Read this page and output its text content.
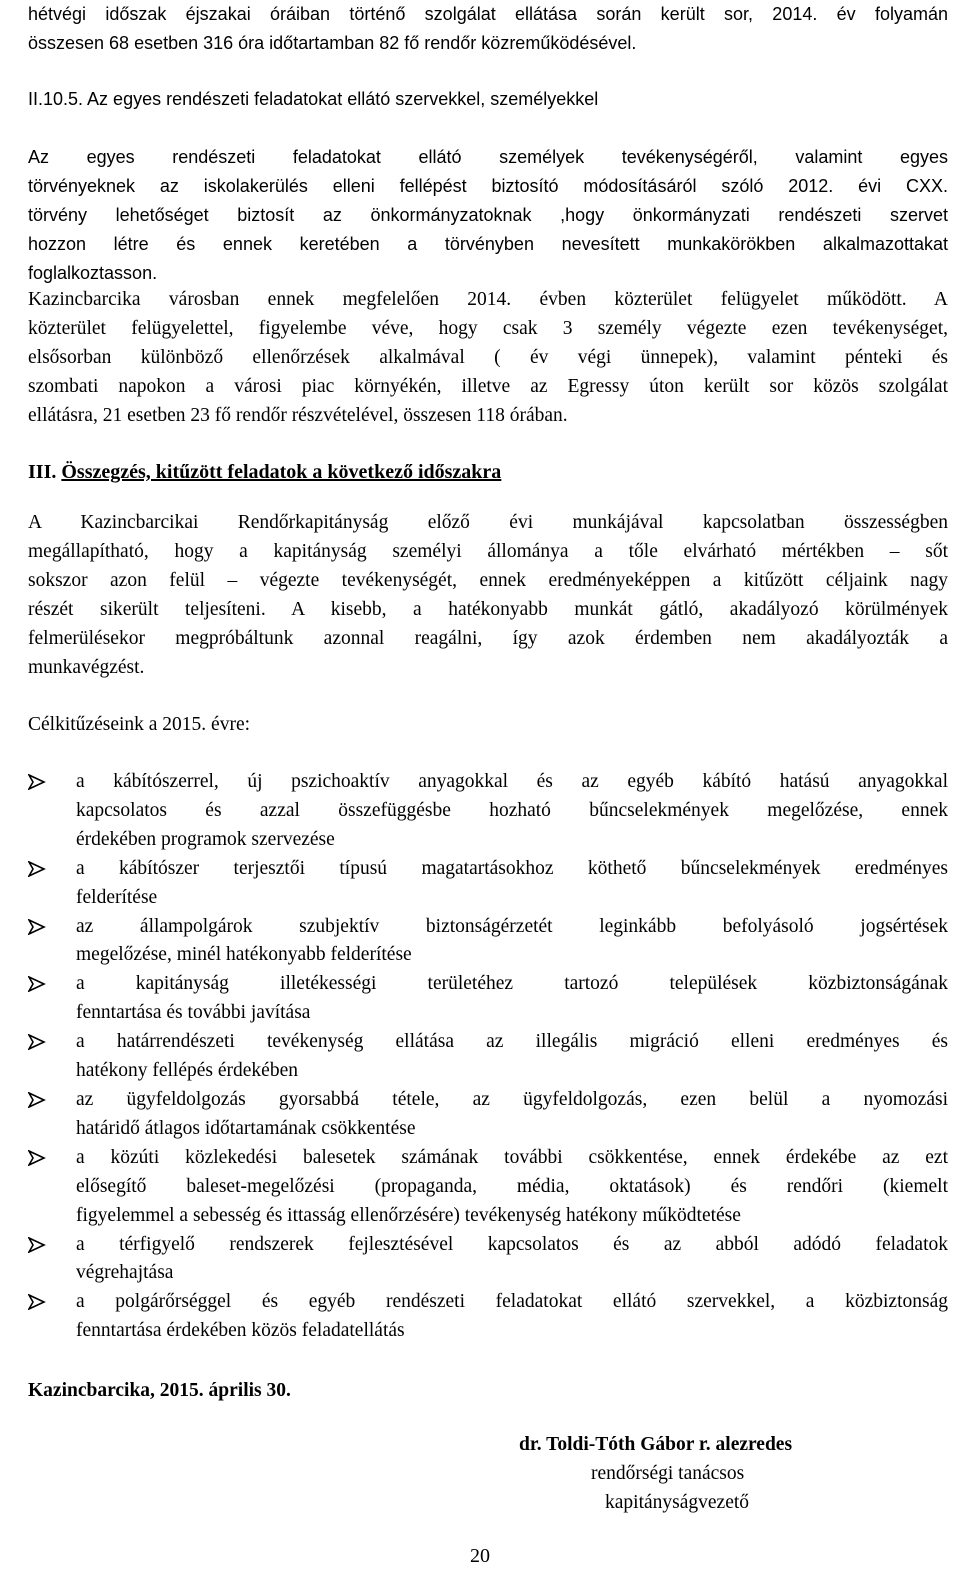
hétvégi időszak éjszakai óráiban történő szolgálat ellátása során került sor, 2014. év folyamán
összesen 68 esetben 316 óra időtartamban 82 fő rendőr közreműködésével.
II.10.5. Az egyes rendészeti feladatokat ellátó szervekkel, személyekkel
Az egyes rendészeti feladatokat ellátó személyek tevékenységéről, valamint egyes
törvényeknek az iskolakerülés elleni fellépést biztosító módosításáról szóló 2012. évi CXX.
törvény lehetőséget biztosít az önkormányzatoknak ,hogy önkormányzati rendészeti szervet
hozzon létre és ennek keretében a törvényben nevesített munkakörökben alkalmazottakat
foglalkoztasson.
Kazincbarcika városban ennek megfelelően 2014. évben közterület felügyelet működött. A
közterület felügyelettel, figyelembe véve, hogy csak 3 személy végezte ezen tevékenységet,
elsősorban különböző ellenőrzések alkalmával ( év végi ünnepek), valamint pénteki és
szombati napokon a városi piac környékén, illetve az Egressy úton került sor közös szolgálat
ellátásra, 21 esetben 23 fő rendőr részvételével, összesen 118 órában.
III. Összegzés, kitűzött feladatok a következő időszakra
A Kazincbarcikai Rendőrkapitányság előző évi munkájával kapcsolatban összességben
megállapítható, hogy a kapitányság személyi állománya a tőle elvárható mértékben – sőt
sokszor azon felül – végezte tevékenységét, ennek eredményeképpen a kitűzött céljaink nagy
részét sikerült teljesíteni. A kisebb, a hatékonyabb munkát gátló, akadályozó körülmények
felmerülésekor megpróbáltunk azonnal reagálni, így azok érdemben nem akadályozták a
munkavégzést.
Célkitűzéseink a 2015. évre:
a kábítószerrel, új pszichoaktív anyagokkal és az egyéb kábító hatású anyagokkal
kapcsolatos és azzal összefüggésbe hozható bűncselekmények megelőzése, ennek
érdekében programok szervezése
a kábítószer terjesztői típusú magatartásokhoz köthető bűncselekmények eredményes
felderítése
az állampolgárok szubjektív biztonságérzetét leginkább befolyásoló jogsértések
megelőzése, minél hatékonyabb felderítése
a kapitányság illetékességi területéhez tartozó települések közbiztonságának
fenntartása és további javítása
a határrendészeti tevékenység ellátása az illegális migráció elleni eredményes és
hatékony fellépés érdekében
az ügyfeldolgozás gyorsabbá tétele, az ügyfeldolgozás, ezen belül a nyomozási
határidő átlagos időtartamának csökkentése
a közúti közlekedési balesetek számának további csökkentése, ennek érdekébe az ezt
elősegítő baleset-megelőzési (propaganda, média, oktatások) és rendőri (kiemelt
figyelemmel a sebesség és ittasság ellenőrzésére) tevékenység hatékony működtetése
a térfigyelő rendszerek fejlesztésével kapcsolatos és az abból adódó feladatok
végrehajtása
a polgárőrséggel és egyéb rendészeti feladatokat ellátó szervekkel, a közbiztonság
fenntartása érdekében közös feladatellátás
Kazincbarcika, 2015. április 30.
dr. Toldi-Tóth Gábor r. alezredes
rendőrségi tanácsos
kapitányságvezető
20
